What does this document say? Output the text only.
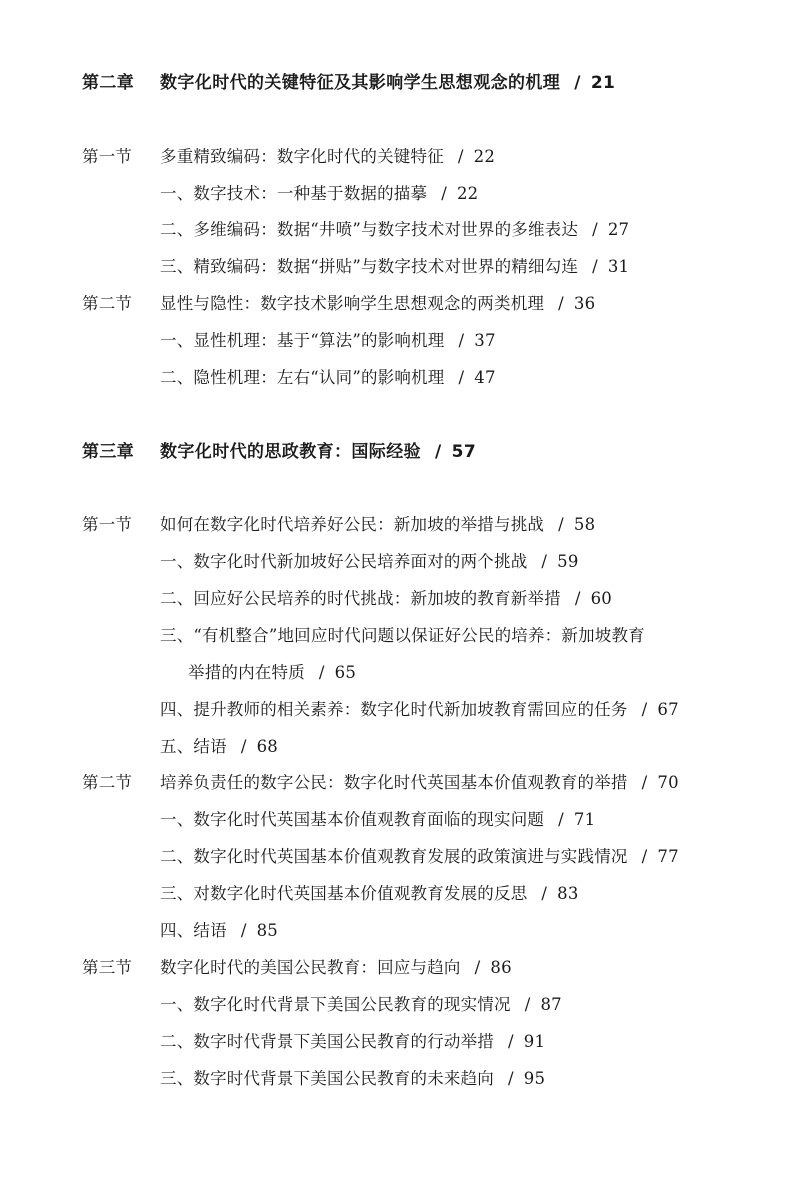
第二章 数字化时代的关键特征及其影响学生思想观念的机理 / 21
第一节 多重精致编码：数字化时代的关键特征 / 22
一、数字技术：一种基于数据的描摹 / 22
二、多维编码：数据“井喷”与数字技术对世界的多维表达 / 27
三、精致编码：数据“拼贴”与数字技术对世界的精细勾连 / 31
第二节 显性与隐性：数字技术影响学生思想观念的两类机理 / 36
一、显性机理：基于“算法”的影响机理 / 37
二、隐性机理：左右“认同”的影响机理 / 47
第三章 数字化时代的思政教育：国际经验 / 57
第一节 如何在数字化时代培养好公民：新加坡的举措与挑战 / 58
一、数字化时代新加坡好公民培养面对的两个挑战 / 59
二、回应好公民培养的时代挑战：新加坡的教育新举措 / 60
三、“有机整合”地回应时代问题以保证好公民的培养：新加坡教育
举措的内在特质 / 65
四、提升教师的相关素养：数字化时代新加坡教育需回应的任务 / 67
五、结语 / 68
第二节 培养负责任的数字公民：数字化时代英国基本价值观教育的举措 / 70
一、数字化时代英国基本价值观教育面临的现实问题 / 71
二、数字化时代英国基本价值观教育发展的政策演进与实践情况 / 77
三、对数字化时代英国基本价值观教育发展的反思 / 83
四、结语 / 85
第三节 数字化时代的美国公民教育：回应与趋向 / 86
一、数字化时代背景下美国公民教育的现实情况 / 87
二、数字时代背景下美国公民教育的行动举措 / 91
三、数字时代背景下美国公民教育的未来趋向 / 95
